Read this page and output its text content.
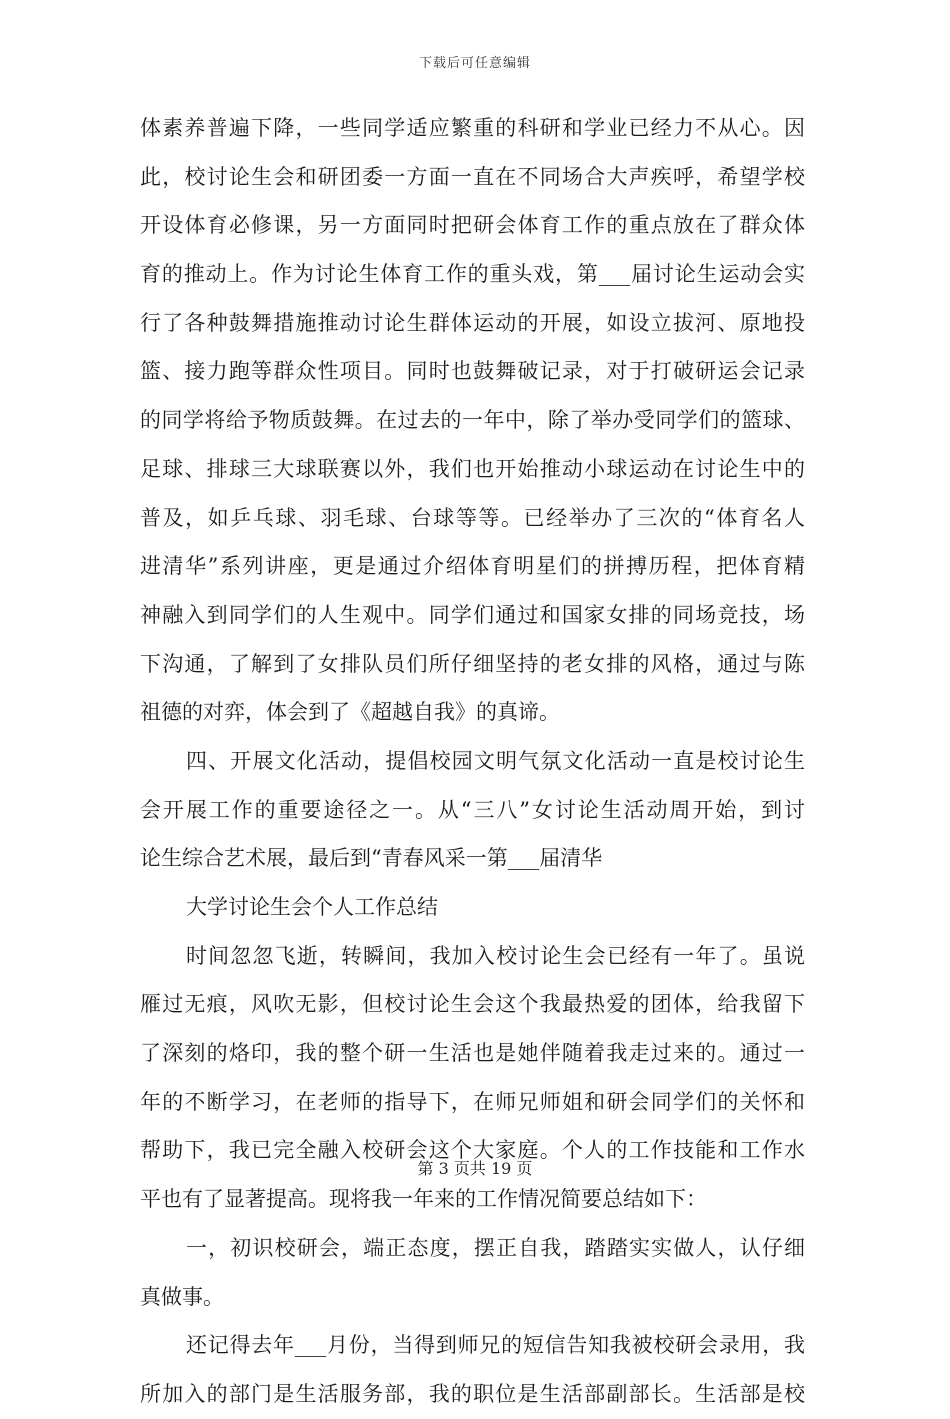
下载后可任意编辑
体素养普遍下降，一些同学适应繁重的科研和学业已经力不从心。因
此，校讨论生会和研团委一方面一直在不同场合大声疾呼，希望学校
开设体育必修课，另一方面同时把研会体育工作的重点放在了群众体
育的推动上。作为讨论生体育工作的重头戏，第___届讨论生运动会实
行了各种鼓舞措施推动讨论生群体运动的开展，如设立拔河、原地投
篮、接力跑等群众性项目。同时也鼓舞破记录，对于打破研运会记录
的同学将给予物质鼓舞。在过去的一年中，除了举办受同学们的篮球、
足球、排球三大球联赛以外，我们也开始推动小球运动在讨论生中的
普及，如乒乓球、羽毛球、台球等等。已经举办了三次的“体育名人
进清华”系列讲座，更是通过介绍体育明星们的拼搏历程，把体育精
神融入到同学们的人生观中。同学们通过和国家女排的同场竞技，场
下沟通，了解到了女排队员们所仔细坚持的老女排的风格，通过与陈
祖德的对弈，体会到了《超越自我》的真谛。
四、开展文化活动，提倡校园文明气氛文化活动一直是校讨论生
会开展工作的重要途径之一。从“三八”女讨论生活动周开始，到讨
论生综合艺术展，最后到“青春风采一第___届清华
大学讨论生会个人工作总结
时间忽忽飞逝，转瞬间，我加入校讨论生会已经有一年了。虽说
雁过无痕，风吹无影，但校讨论生会这个我最热爱的团体，给我留下
了深刻的烙印，我的整个研一生活也是她伴随着我走过来的。通过一
年的不断学习，在老师的指导下，在师兄师姐和研会同学们的关怀和
帮助下，我已完全融入校研会这个大家庭。个人的工作技能和工作水
平也有了显著提高。现将我一年来的工作情况简要总结如下：
一，初识校研会，端正态度，摆正自我，踏踏实实做人，认仔细
真做事。
还记得去年___月份，当得到师兄的短信告知我被校研会录用，我
所加入的部门是生活服务部，我的职位是生活部副部长。生活部是校
第 3 页共 19 页
